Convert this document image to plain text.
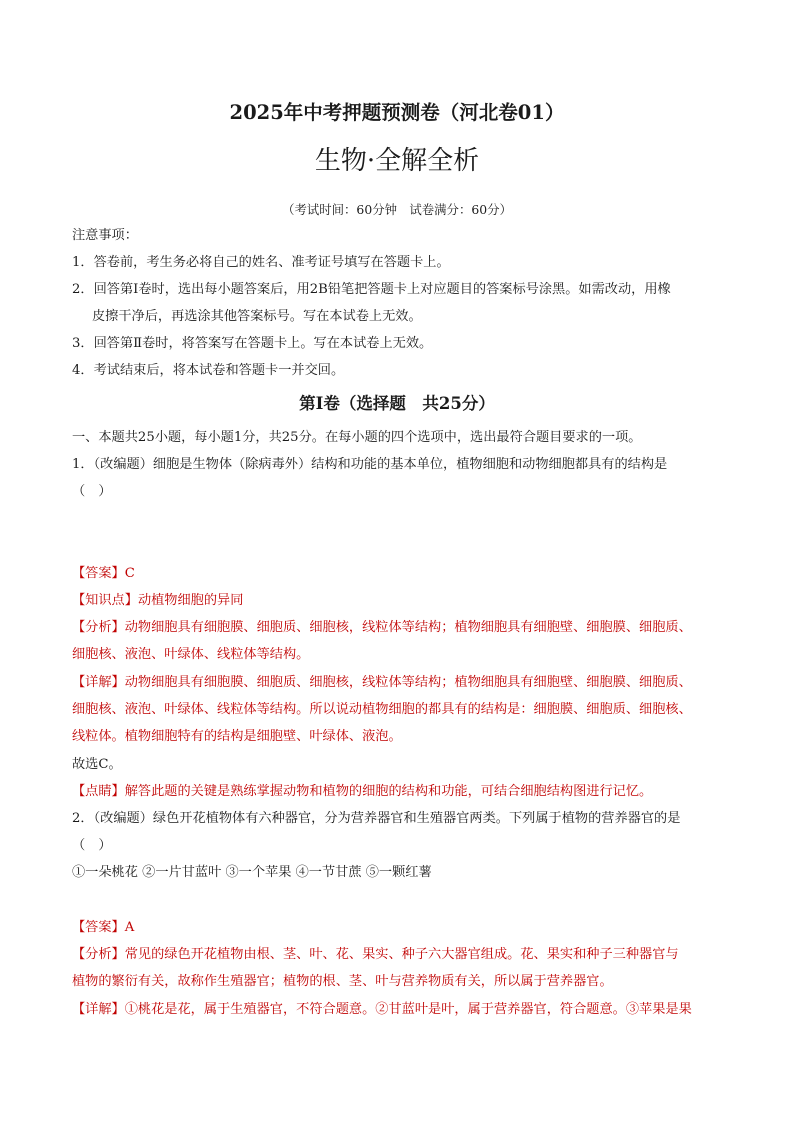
2025年中考押题预测卷（河北卷01）
生物·全解全析
（考试时间：60分钟　试卷满分：60分）
注意事项：
1．答卷前，考生务必将自己的姓名、准考证号填写在答题卡上。
2．回答第Ⅰ卷时，选出每小题答案后，用2B铅笔把答题卡上对应题目的答案标号涂黑。如需改动，用橡
皮擦干净后，再选涂其他答案标号。写在本试卷上无效。
3．回答第Ⅱ卷时，将答案写在答题卡上。写在本试卷上无效。
4．考试结束后，将本试卷和答题卡一并交回。
第Ⅰ卷（选择题　共25分）
一、本题共25小题，每小题1分，共25分。在每小题的四个选项中，选出最符合题目要求的一项。
1．（改编题）细胞是生物体（除病毒外）结构和功能的基本单位，植物细胞和动物细胞都具有的结构是
（　）
【答案】C
【知识点】动植物细胞的异同
【分析】动物细胞具有细胞膜、细胞质、细胞核，线粒体等结构；植物细胞具有细胞壁、细胞膜、细胞质、
细胞核、液泡、叶绿体、线粒体等结构。
【详解】动物细胞具有细胞膜、细胞质、细胞核，线粒体等结构；植物细胞具有细胞壁、细胞膜、细胞质、
细胞核、液泡、叶绿体、线粒体等结构。所以说动植物细胞的都具有的结构是：细胞膜、细胞质、细胞核、
线粒体。植物细胞特有的结构是细胞壁、叶绿体、液泡。
故选C。
【点睛】解答此题的关键是熟练掌握动物和植物的细胞的结构和功能，可结合细胞结构图进行记忆。
2．（改编题）绿色开花植物体有六种器官，分为营养器官和生殖器官两类。下列属于植物的营养器官的是
（　）
①一朵桃花 ②一片甘蓝叶 ③一个苹果 ④一节甘蔗 ⑤一颗红薯
【答案】A
【分析】常见的绿色开花植物由根、茎、叶、花、果实、种子六大器官组成。花、果实和种子三种器官与
植物的繁衍有关，故称作生殖器官；植物的根、茎、叶与营养物质有关，所以属于营养器官。
【详解】①桃花是花，属于生殖器官，不符合题意。②甘蓝叶是叶，属于营养器官，符合题意。③苹果是果
